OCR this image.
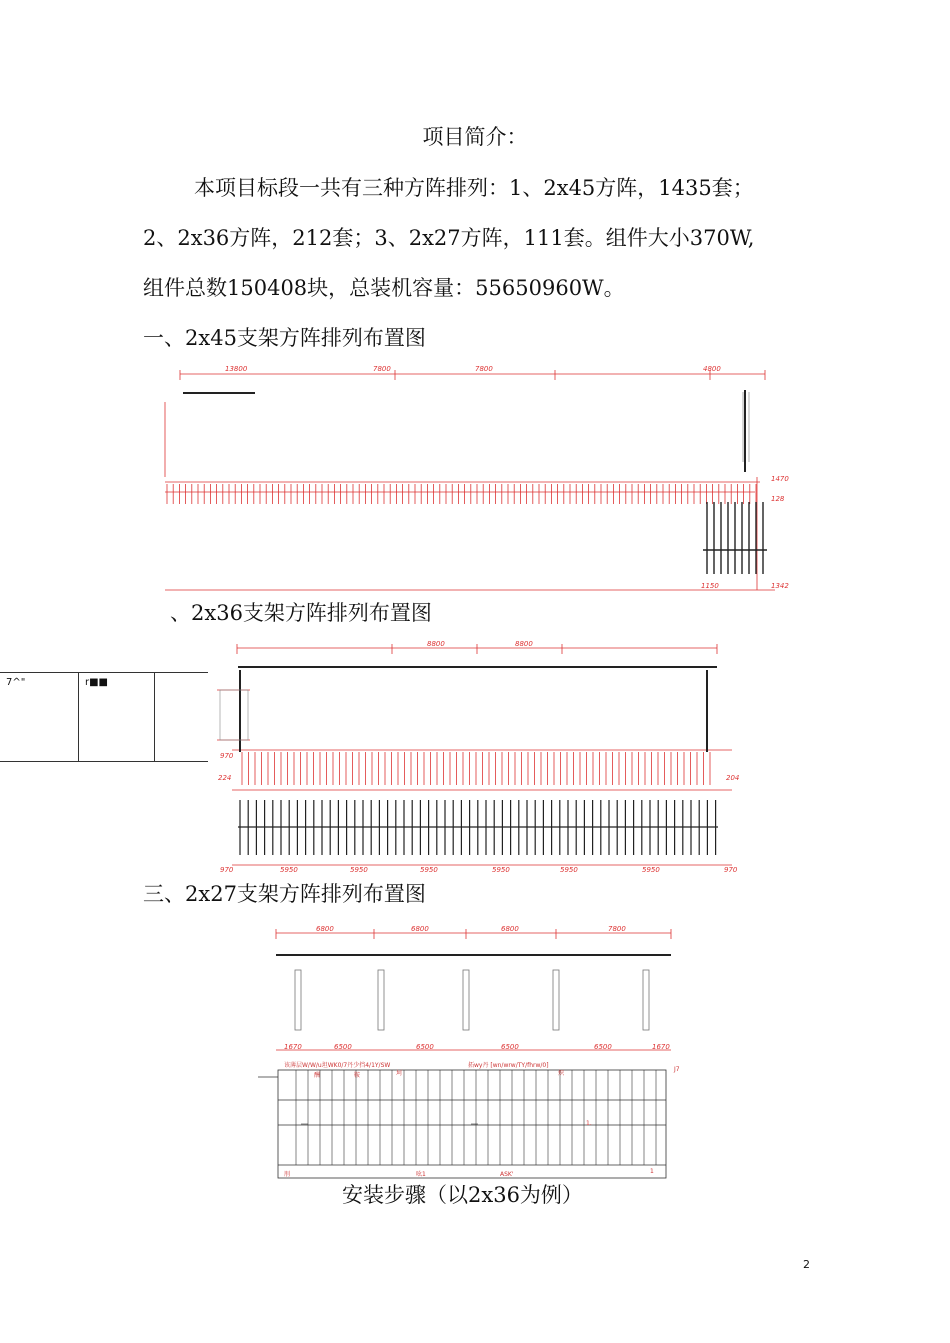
项目简介：
本项目标段一共有三种方阵排列：1、2x45方阵，1435套；
2、2x36方阵，212套；3、2x27方阵，111套。组件大小370W,
组件总数150408块，总装机容量：55650960W。
一、2x45支架方阵排列布置图
、2x36支架方阵排列布置图
三、2x27支架方阵排列布置图
安装步骤（以2x36为例）
7^"	r■■
13800	7800	7800	4800
1470
128
1342
1150
8800	8800
970
224	204
970	5950	5950	5950	5950	5950	5950	970
6800	6800	6800	7800
1670	6500	6500	6500	6500	1670
该薄层W/W/u坦WK0/7丹少挡4/1Y/SW	拓wy丹 [wn/wrw/TY/fhrw/0]
J7
酬	鞍	坷	炽
刖	吆1	ASK'	1
1.
2
